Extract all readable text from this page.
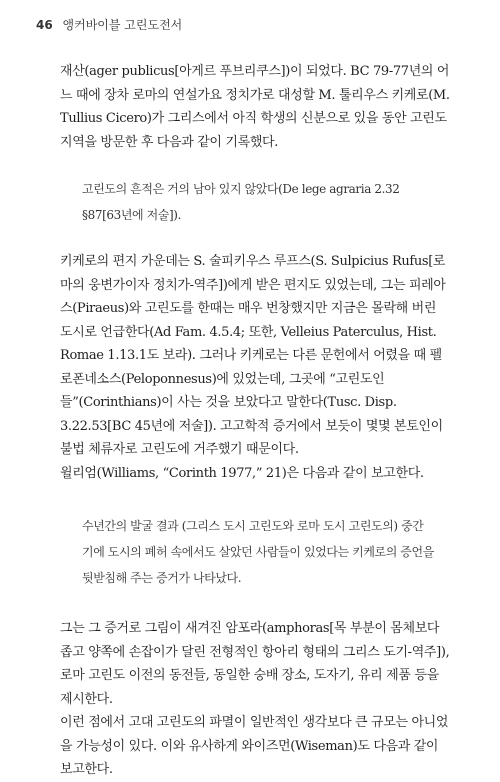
46 앵커바이블 고린도전서

재산(ager publicus[아게르 푸브리쿠스])이 되었다. BC 79-77년의 어느 때에 장차 로마의 연설가요 정치가로 대성할 M. 툴리우스 키케로(M. Tullius Cicero)가 그리스에서 아직 학생의 신분으로 있을 동안 고린도 지역을 방문한 후 다음과 같이 기록했다.

고린도의 흔적은 거의 남아 있지 않았다(De lege agraria 2.32 §87[63년에 저술]).

키케로의 편지 가운데는 S. 술피키우스 루프스(S. Sulpicius Rufus[로마의 웅변가이자 정치가-역주])에게 받은 편지도 있었는데, 그는 피레아스(Piraeus)와 고린도를 한때는 매우 번창했지만 지금은 몰락해 버린 도시로 언급한다(Ad Fam. 4.5.4; 또한, Velleius Paterculus, Hist. Romae 1.13.1도 보라). 그러나 키케로는 다른 문헌에서 어렸을 때 펠로폰네소스(Peloponnesus)에 있었는데, 그곳에 “고린도인들”(Corinthians)이 사는 것을 보았다고 말한다(Tusc. Disp. 3.22.53[BC 45년에 저술]). 고고학적 증거에서 보듯이 몇몇 본토인이 불법 체류자로 고린도에 거주했기 때문이다.

윌리엄(Williams, “Corinth 1977,” 21)은 다음과 같이 보고한다.

수년간의 발굴 결과 (그리스 도시 고린도와 로마 도시 고린도의) 중간기에 도시의 폐허 속에서도 살았던 사람들이 있었다는 키케로의 증언을 뒷받침해 주는 증거가 나타났다.

그는 그 증거로 그림이 새겨진 암포라(amphoras[목 부분이 몸체보다 좁고 양쪽에 손잡이가 달린 전형적인 항아리 형태의 그리스 도기-역주]), 로마 고린도 이전의 동전들, 동일한 숭배 장소, 도자기, 유리 제품 등을 제시한다.

이런 점에서 고대 고린도의 파멸이 일반적인 생각보다 큰 규모는 아니었을 가능성이 있다. 이와 유사하게 와이즈먼(Wiseman)도 다음과 같이 보고한다.
